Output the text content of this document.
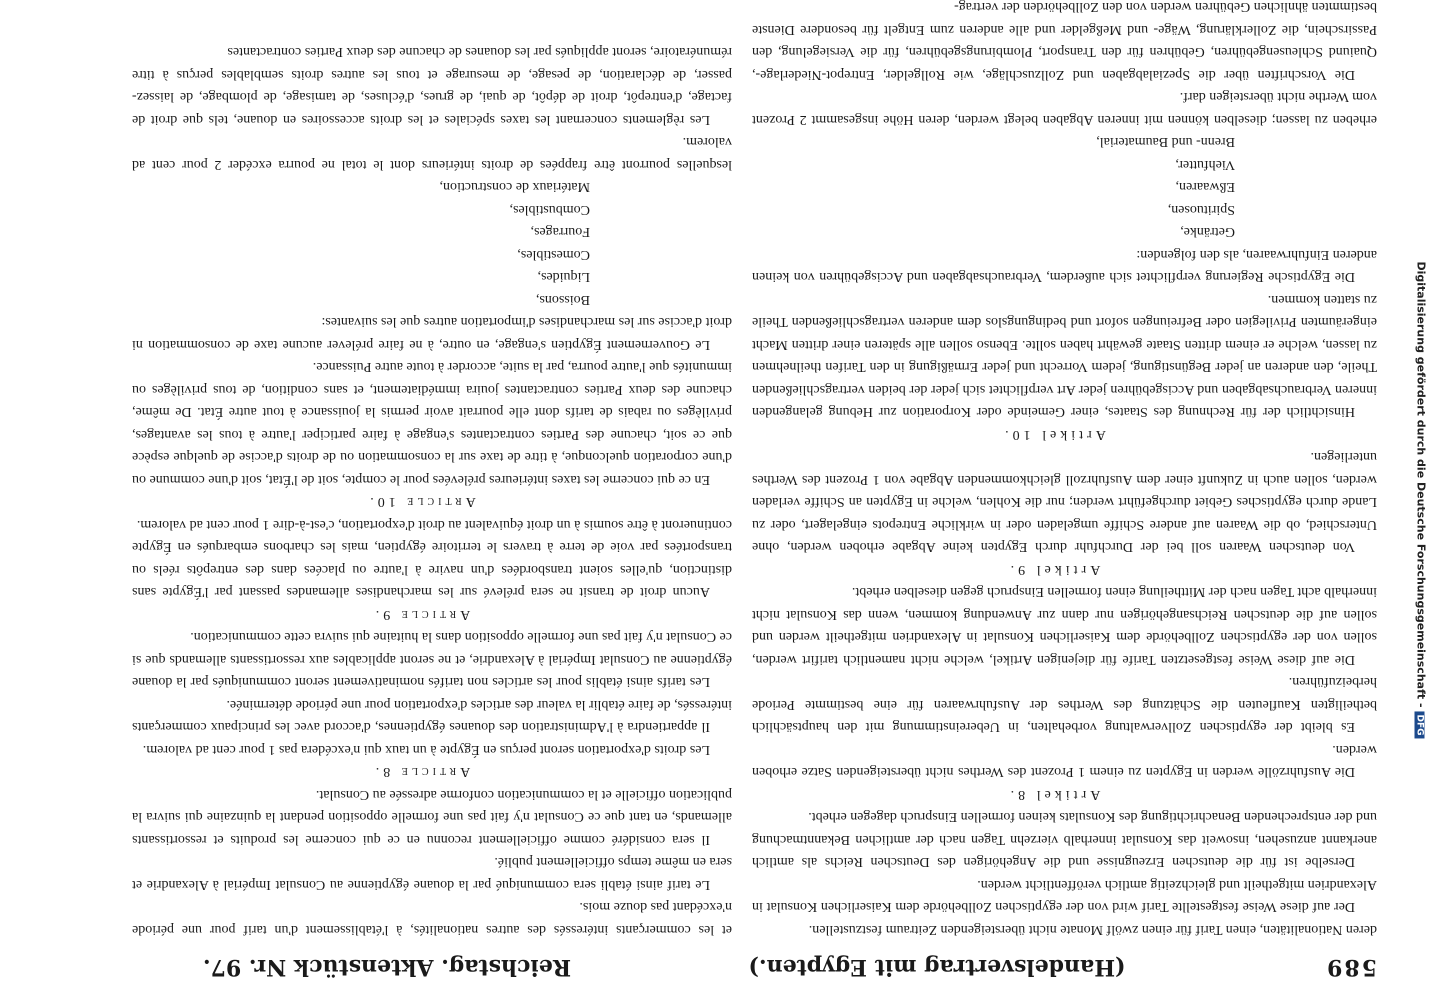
589
(Handelsvertrag mit Egypten.)
Reichstag. Aktenstück Nr. 97.

deren Nationalitäten, einen Tarif für einen zwölf Monate nicht übersteigenden Zeitraum festzustellen.

Der auf diese Weise festgestellte Tarif wird von der egyptischen Zollbehörde dem Kaiserlichen Konsulat in Alexandrien mitgetheilt und gleichzeitig amtlich veröffentlicht werden.

Derselbe ist für die deutschen Erzeugnisse und die Angehörigen des Deutschen Reichs als amtlich anerkannt anzusehen, insoweit das Konsulat innerhalb vierzehn Tagen nach der amtlichen Bekanntmachung und der entsprechenden Benachrichtigung des Konsulats keinen formellen Einspruch dagegen erhebt.

Artikel 8.

Die Ausfuhrzölle werden in Egypten zu einem 1 Prozent des Werthes nicht übersteigenden Satze erhoben werden.

Es bleibt der egyptischen Zollverwaltung vorbehalten, in Uebereinstimmung mit den hauptsächlich betheiligten Kaufleuten die Schätzung des Werthes der Ausfuhrwaaren für eine bestimmte Periode herbeizuführen.

Die auf diese Weise festgesetzten Tarife für diejenigen Artikel, welche nicht namentlich tarifirt werden, sollen von der egyptischen Zollbehörde dem Kaiserlichen Konsulat in Alexandrien mitgetheilt werden und sollen auf die deutschen Reichsangehörigen nur dann zur Anwendung kommen, wenn das Konsulat nicht innerhalb acht Tagen nach der Mittheilung einen formellen Einspruch gegen dieselben erhebt.

Artikel 9.

Von deutschen Waaren soll bei der Durchfuhr durch Egypten keine Abgabe erhoben werden, ohne Unterschied, ob die Waaren auf andere Schiffe umgeladen oder in wirkliche Entrepots eingelagert, oder zu Lande durch egyptisches Gebiet durchgeführt werden; nur die Kohlen, welche in Egypten an Schiffe verladen werden, sollen auch in Zukunft einer dem Ausfuhrzoll gleichkommenden Abgabe von 1 Prozent des Werthes unterliegen.

Artikel 10.

Hinsichtlich der für Rechnung des Staates, einer Gemeinde oder Korporation zur Hebung gelangenden inneren Verbrauchsabgaben und Accisgebühren jeder Art verpflichtet sich jeder der beiden vertragschließenden Theile, den anderen an jeder Begünstigung, jedem Vorrecht und jeder Ermäßigung in den Tarifen theilnehmen zu lassen, welche er einem dritten Staate gewährt haben sollte. Ebenso sollen alle späteren einer dritten Macht eingeräumten Privilegien oder Befreiungen sofort und bedingungslos dem anderen vertragschließenden Theile zu statten kommen.

Die Egyptische Regierung verpflichtet sich außerdem, Verbrauchsabgaben und Accisgebühren von keinen anderen Einfuhrwaaren, als den folgenden:

Getränke,

Spirituosen,

Eßwaaren,

Viehfutter,

Brenn- und Baumaterial,

erheben zu lassen; dieselben können mit inneren Abgaben belegt werden, deren Höhe insgesammt 2 Prozent vom Werthe nicht übersteigen darf.

Die Vorschriften über die Spezialabgaben und Zollzuschläge, wie Rollgelder, Entrepot-Niederlage-, Quaiund Schleusengebühren, Gebühren für den Transport, Plombirungsgebühren, für die Versiegelung, den Passirschein, die Zollerklärung, Wäge- und Meßgelder und alle anderen zum Entgelt für besondere Dienste bestimmten ähnlichen Gebühren werden von den Zollbehörden der vertrag-

et les commerçants intéressés des autres nationalités, à l'établissement d'un tarif pour une période n'excédant pas douze mois.

Le tarif ainsi établi sera communiqué par la douane égyptienne au Consulat Impérial à Alexandrie et sera en même temps officiellement publié.

Il sera considéré comme officiellement reconnu en ce qui concerne les produits et ressortissants allemands, en tant que ce Consulat n'y fait pas une formelle opposition pendant la quinzaine qui suivra la publication officielle et la communication conforme adressée au Consulat.

Article 8.

Les droits d'exportation seront perçus en Égypte à un taux qui n'excédera pas 1 pour cent ad valorem.

Il appartiendra à l'Administration des douanes égyptiennes, d'accord avec les principaux commerçants intéressés, de faire établir la valeur des articles d'exportation pour une période déterminée.

Les tarifs ainsi établis pour les articles non tarifés nominativement seront communiqués par la douane égyptienne au Consulat Impérial à Alexandrie, et ne seront applicables aux ressortissants allemands que si ce Consulat n'y fait pas une formelle opposition dans la huitaine qui suivra cette communication.

Article 9.

Aucun droit de transit ne sera prélevé sur les marchandises allemandes passant par l'Égypte sans distinction, qu'elles soient transbordées d'un navire à l'autre ou placées dans des entrepôts réels ou transportées par voie de terre à travers le territoire égyptien, mais les charbons embarqués en Égypte continueront à être soumis à un droit équivalent au droit d'exportation, c'est-à-dire 1 pour cent ad valorem.

Article 10.

En ce qui concerne les taxes intérieures prélevées pour le compte, soit de l'État, soit d'une commune ou d'une corporation quelconque, à titre de taxe sur la consommation ou de droits d'accise de quelque espèce que ce soit, chacune des Parties contractantes s'engage à faire participer l'autre à tous les avantages, privilèges ou rabais de tarifs dont elle pourrait avoir permis la jouissance à tout autre État. De même, chacune des deux Parties contractantes jouira immédiatement, et sans condition, de tous privilèges ou immunités que l'autre pourra, par la suite, accorder à toute autre Puissance.

Le Gouvernement Égyptien s'engage, en outre, à ne faire prélever aucune taxe de consommation ni droit d'accise sur les marchandises d'importation autres que les suivantes:

Boissons,

Liquides,

Comestibles,

Fourrages,

Combustibles,

Matériaux de construction,

lesquelles pourront être frappées de droits intérieurs dont le total ne pourra excéder 2 pour cent ad valorem.

Les règlements concernant les taxes spéciales et les droits accessoires en douane, tels que droit de factage, d'entrepôt, droit de dépôt, de quai, de grues, d'écluses, de tamisage, de plombage, de laissez-passer, de déclaration, de pesage, de mesurage et tous les autres droits semblables perçus à titre rémunératoire, seront appliqués par les douanes de chacune des deux Parties contractantes

Digitalisierung gefördert durch die Deutsche Forschungsgemeinschaft -DFG
